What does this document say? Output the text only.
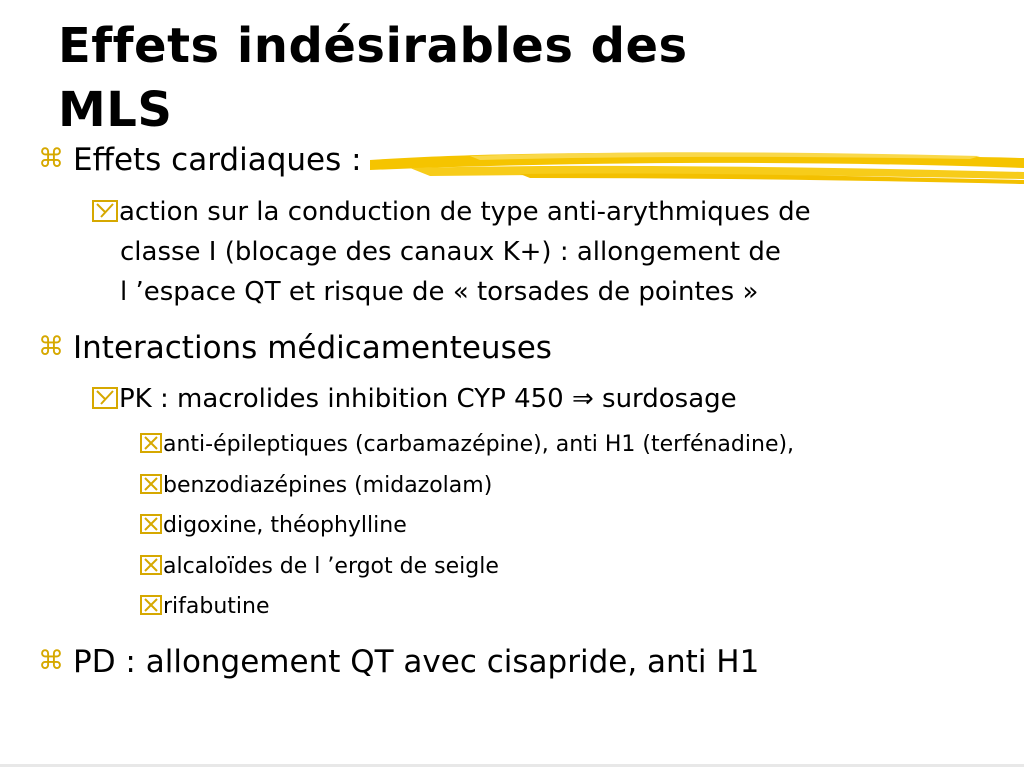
Effets indésirables des
MLS
⌘ Effets cardiaques :
action sur la conduction de type anti-arythmiques de
classe I (blocage des canaux K+) : allongement de
l ’espace QT et risque de « torsades de pointes »
⌘ Interactions médicamenteuses
PK : macrolides inhibition CYP 450 ⇒ surdosage
anti-épileptiques (carbamazépine), anti H1 (terfénadine),
benzodiazépines (midazolam)
digoxine, théophylline
alcaloïdes de l ’ergot de seigle
rifabutine
⌘ PD : allongement QT avec cisapride, anti H1
